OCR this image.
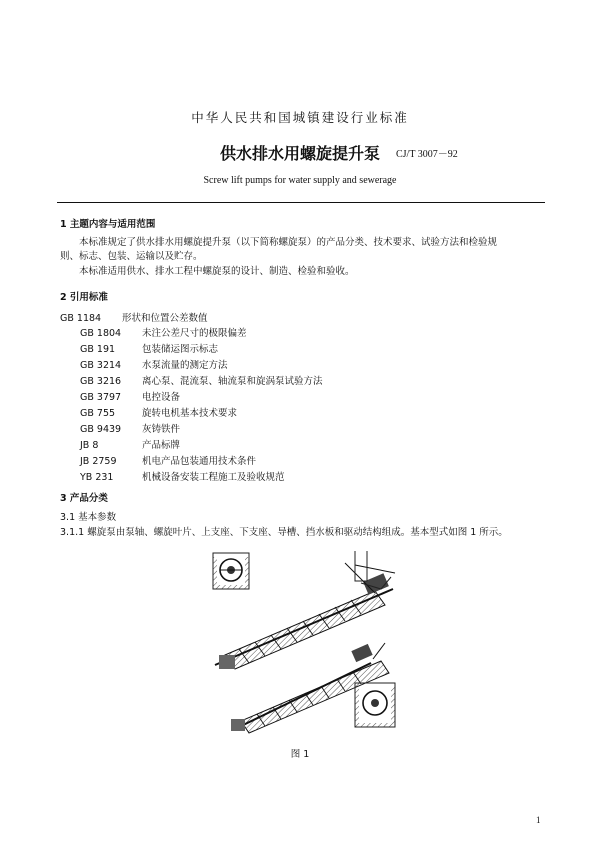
中华人民共和国城镇建设行业标准
供水排水用螺旋提升泵	CJ/T 3007－92
Screw lift pumps for water supply and sewerage
1 主题内容与适用范围
本标准规定了供水排水用螺旋提升泵（以下简称螺旋泵）的产品分类、技术要求、试验方法和检验规
则、标志、包装、运输以及贮存。
本标准适用供水、排水工程中螺旋泵的设计、制造、检验和验收。
2 引用标准
GB 1184 形状和位置公差数值
GB 1804 未注公差尺寸的极限偏差
GB 191	包装储运图示标志
GB 3214 水泵流量的测定方法
GB 3216 离心泵、混流泵、轴流泵和旋涡泵试验方法
GB 3797 电控设备
GB 755	旋转电机基本技术要求
GB 9439 灰铸铁件
JB 8	产品标牌
JB 2759	机电产品包装通用技术条件
YB 231	机械设备安装工程施工及验收规范
3 产品分类
3.1 基本参数
3.1.1 螺旋泵由泵轴、螺旋叶片、上支座、下支座、导槽、挡水板和驱动结构组成。基本型式如图 1 所示。
图 1
1
